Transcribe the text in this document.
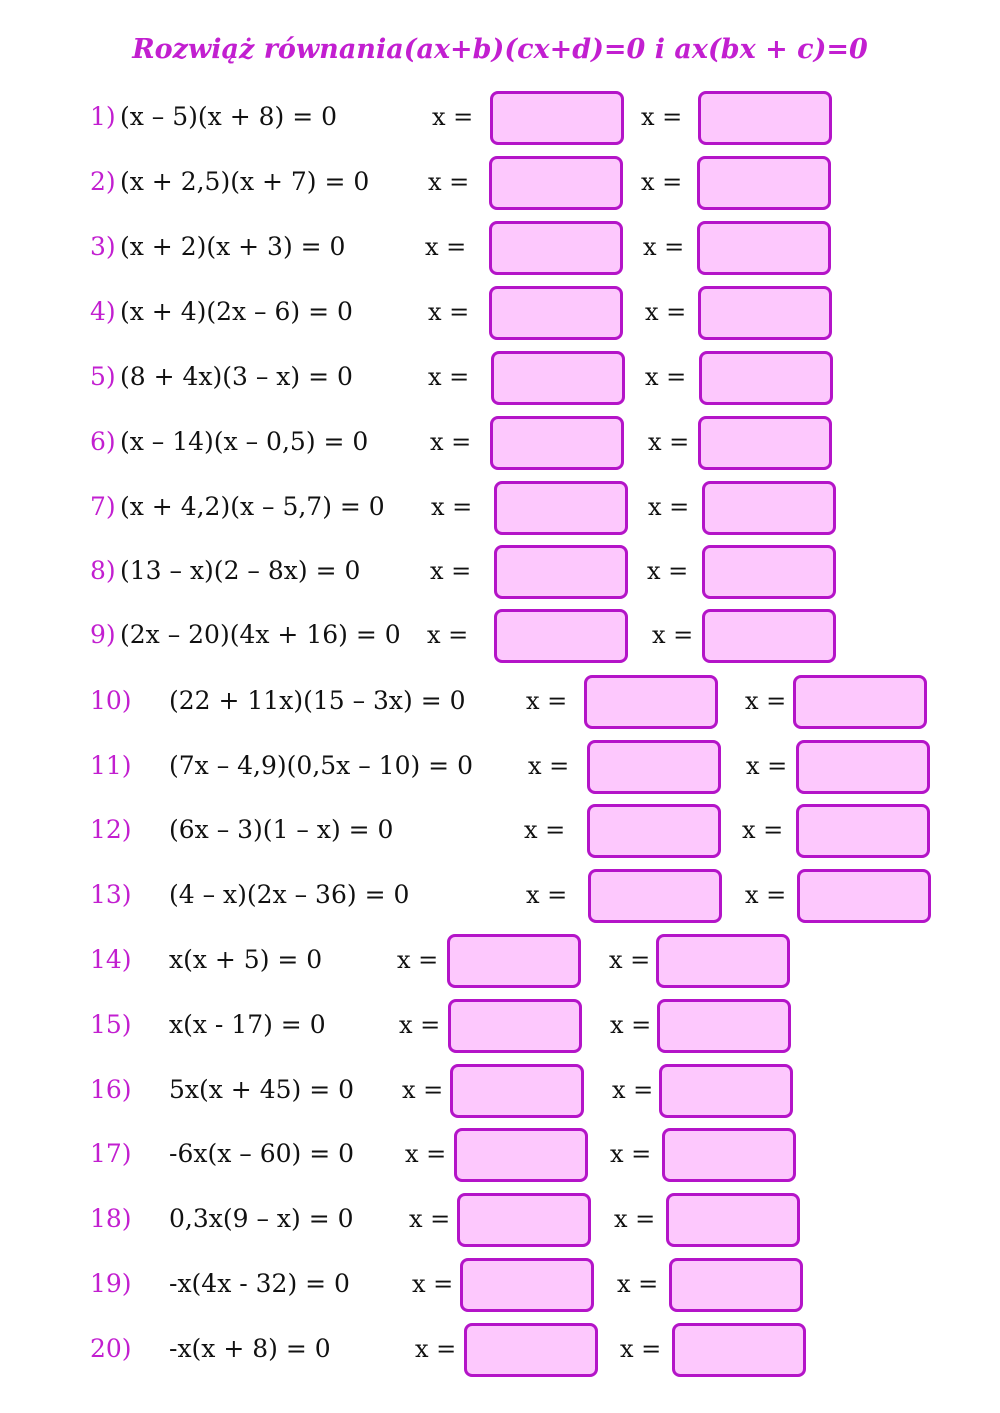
Rozwiąż równania(ax+b)(cx+d)=0 i ax(bx + c)=0
1) (x – 5)(x + 8) = 0	x =	x =
2) (x + 2,5)(x + 7) = 0 x =	x =
3) (x + 2)(x + 3) = 0	x =	x =
4) (x + 4)(2x – 6) = 0	x =	x =
5) (8 + 4x)(3 – x) = 0	x =	x =
6) (x – 14)(x – 0,5) = 0	x =	x =
7) (x + 4,2)(x – 5,7) = 0 x =	x =
8) (13 – x)(2 – 8x) = 0	x =	x =
9) (2x – 20)(4x + 16) = 0 x =	x =
10) (22 + 11x)(15 – 3x) = 0	x =	x =
11) (7x – 4,9)(0,5x – 10) = 0 x =	x =
12) (6x – 3)(1 – x) = 0	x =	x =
13) (4 – x)(2x – 36) = 0	x =	x =
14) x(x + 5) = 0	x =	x =
15) x(x - 17) = 0	x =	x =
16) 5x(x + 45) = 0 x =	x =
17) -6x(x – 60) = 0 x =	x =
18) 0,3x(9 – x) = 0 x =	x =
19) -x(4x - 32) = 0	x =	x =
20) -x(x + 8) = 0	x =	x =
